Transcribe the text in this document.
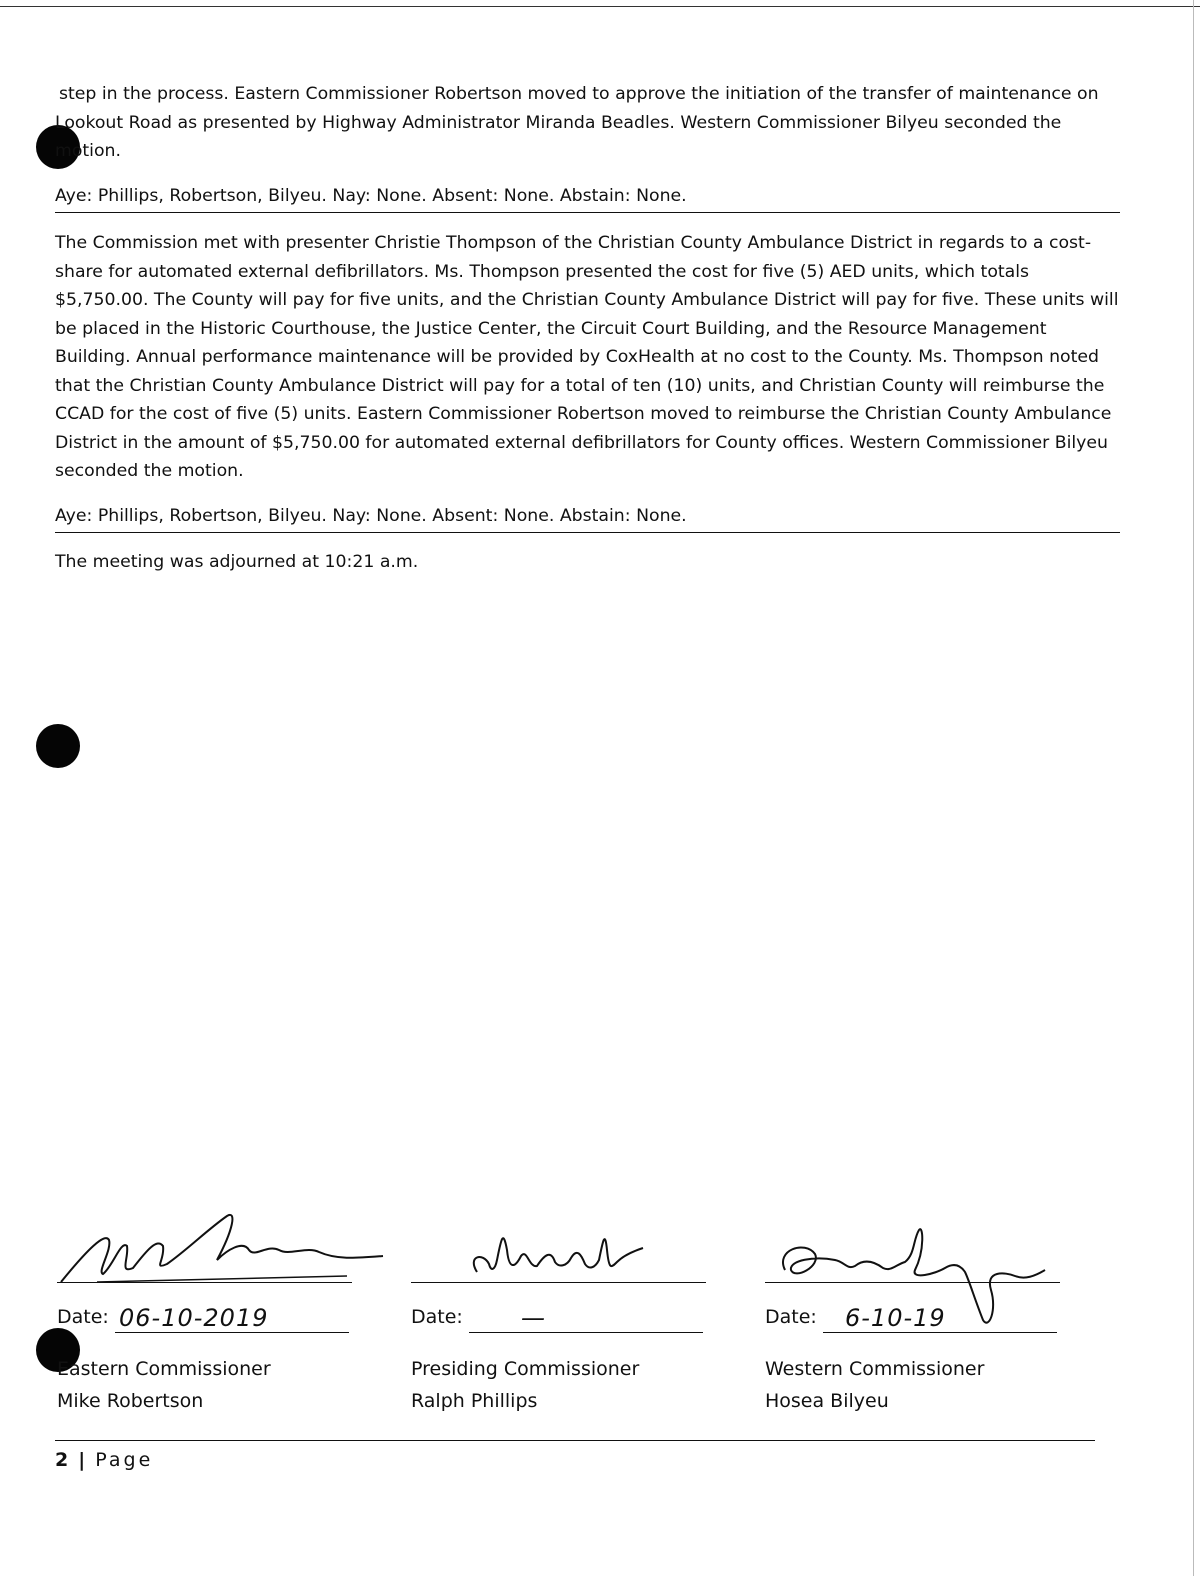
step in the process. Eastern Commissioner Robertson moved to approve the initiation of the transfer of maintenance on Lookout Road as presented by Highway Administrator Miranda Beadles. Western Commissioner Bilyeu seconded the motion.

Aye: Phillips, Robertson, Bilyeu. Nay: None. Absent: None. Abstain: None.

The Commission met with presenter Christie Thompson of the Christian County Ambulance District in regards to a cost-share for automated external defibrillators. Ms. Thompson presented the cost for five (5) AED units, which totals $5,750.00. The County will pay for five units, and the Christian County Ambulance District will pay for five. These units will be placed in the Historic Courthouse, the Justice Center, the Circuit Court Building, and the Resource Management Building. Annual performance maintenance will be provided by CoxHealth at no cost to the County. Ms. Thompson noted that the Christian County Ambulance District will pay for a total of ten (10) units, and Christian County will reimburse the CCAD for the cost of five (5) units. Eastern Commissioner Robertson moved to reimburse the Christian County Ambulance District in the amount of $5,750.00 for automated external defibrillators for County offices. Western Commissioner Bilyeu seconded the motion.

Aye: Phillips, Robertson, Bilyeu. Nay: None. Absent: None. Abstain: None.
The meeting was adjourned at 10:21 a.m.
Date: 06-10-2019
Eastern Commissioner
Mike Robertson
Date: —
Presiding Commissioner
Ralph Phillips
Date: 6-10-19
Western Commissioner
Hosea Bilyeu
2 | Page
